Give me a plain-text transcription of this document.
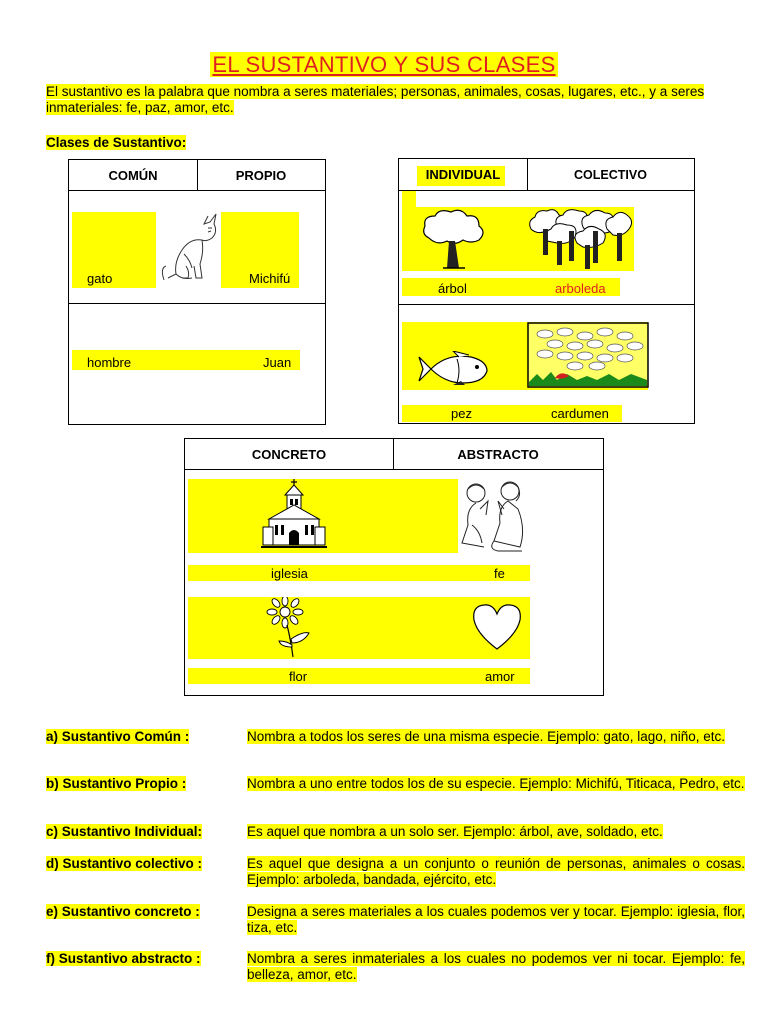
EL SUSTANTIVO Y SUS CLASES
El sustantivo es la palabra que nombra a seres materiales; personas, animales, cosas, lugares, etc., y a seres inmateriales: fe, paz, amor, etc.
Clases de Sustantivo:
COMÚN	PROPIO
gato	Michifú
hombre	Juan
INDIVIDUAL	COLECTIVO
árbol	arboleda
pez	cardumen
CONCRETO	ABSTRACTO
iglesia	fe
flor	amor
a) Sustantivo Común :	Nombra a todos los seres de una misma especie. Ejemplo: gato, lago, niño, etc.
b) Sustantivo Propio :	Nombra a uno entre todos los de su especie. Ejemplo: Michifú, Titicaca, Pedro, etc.
c) Sustantivo Individual:	Es aquel que nombra a un solo ser. Ejemplo: árbol, ave, soldado, etc.
d) Sustantivo colectivo :	Es aquel que designa a un conjunto o reunión de personas, animales o cosas. Ejemplo: arboleda, bandada, ejército, etc.
e) Sustantivo concreto :	Designa a seres materiales a los cuales podemos ver y tocar. Ejemplo: iglesia, flor, tiza, etc.
f) Sustantivo abstracto :	Nombra a seres inmateriales a los cuales no podemos ver ni tocar. Ejemplo: fe, belleza, amor, etc.
